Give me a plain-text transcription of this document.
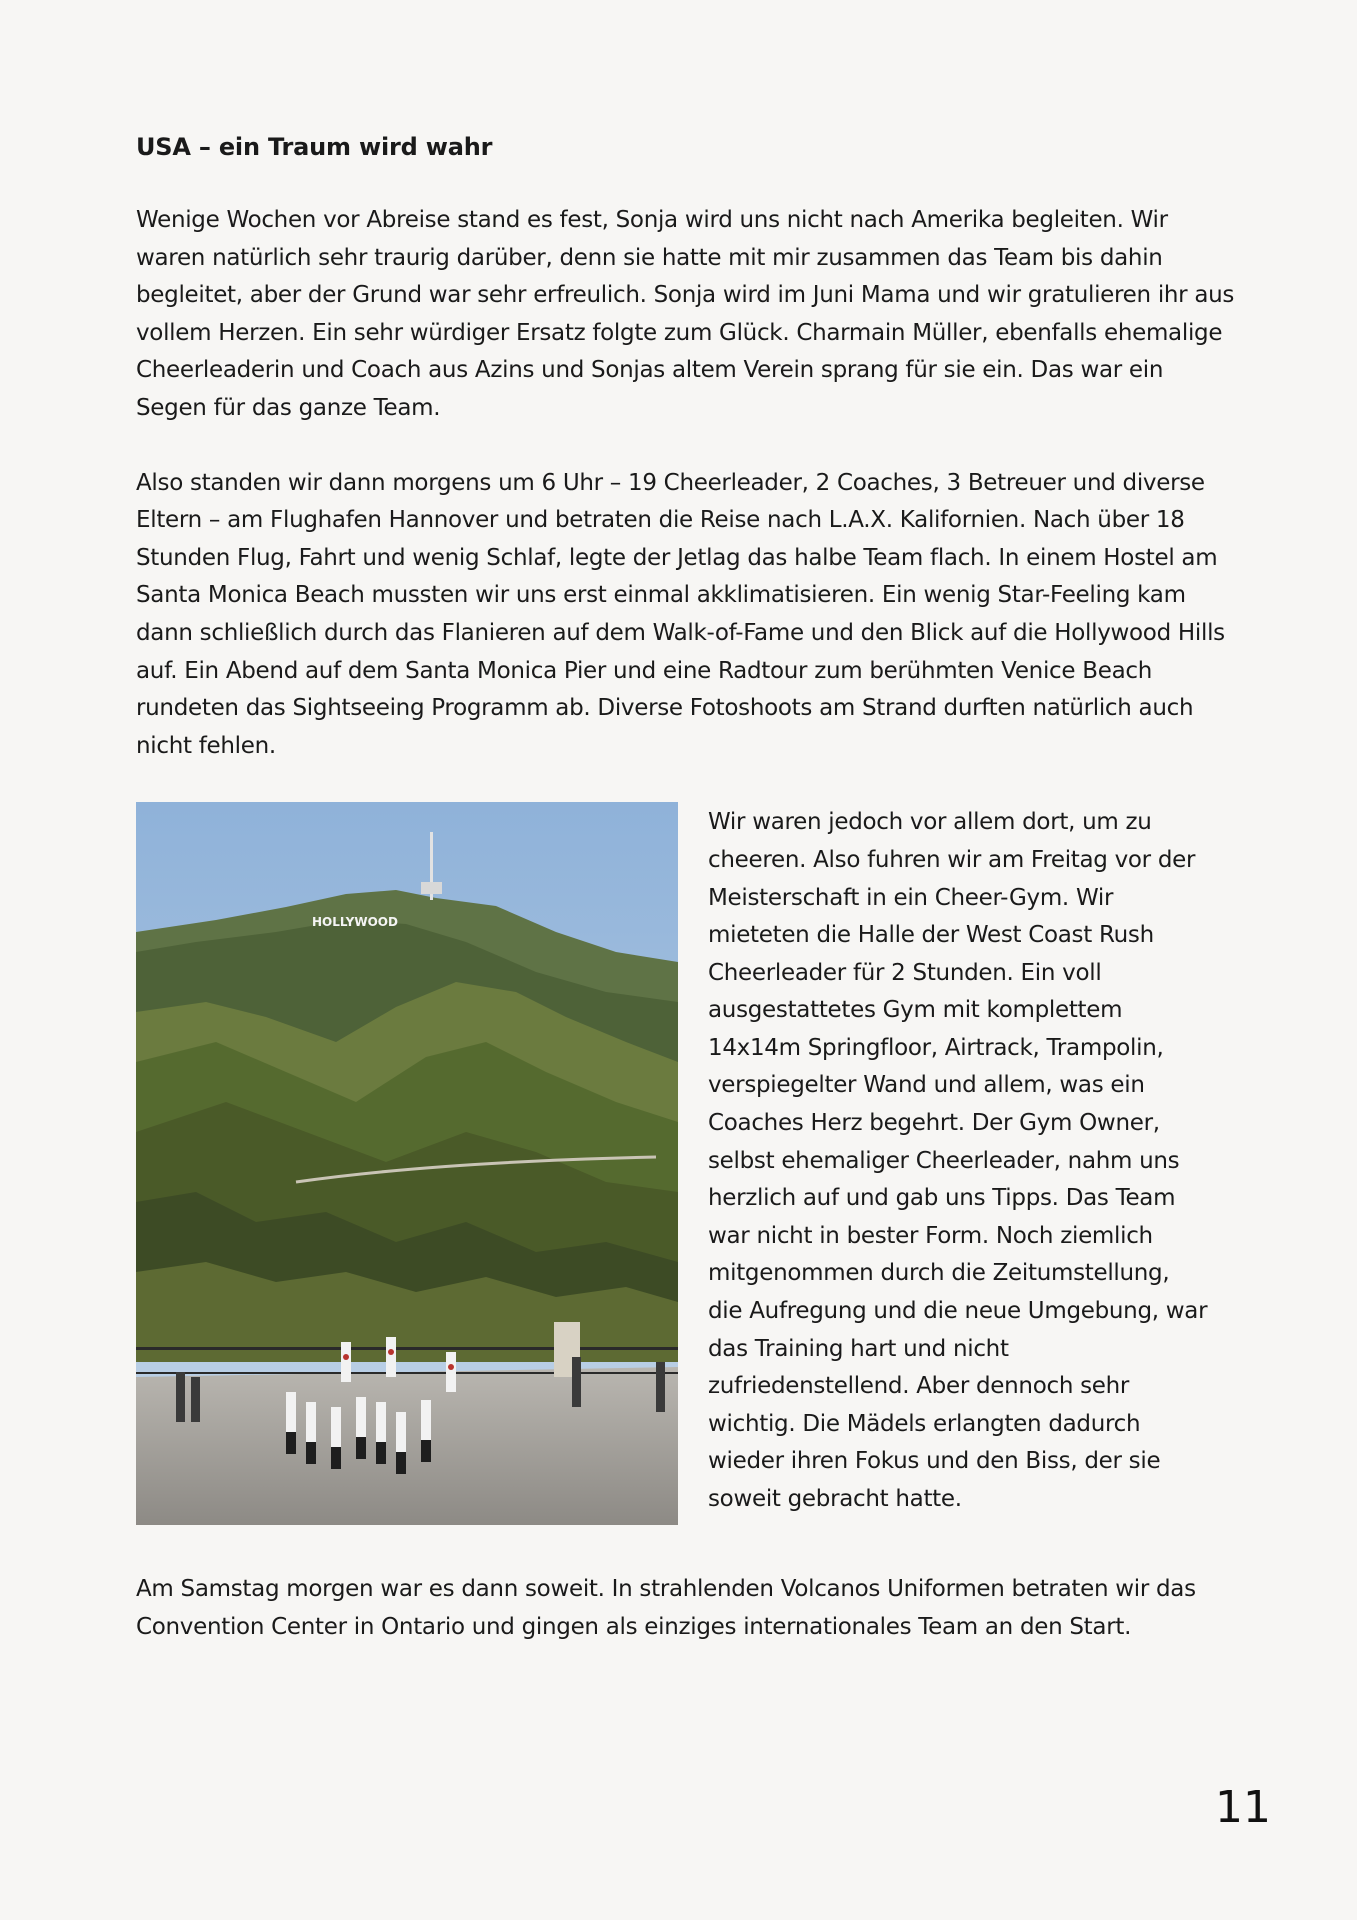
USA – ein Traum wird wahr

Wenige Wochen vor Abreise stand es fest, Sonja wird uns nicht nach Amerika begleiten. Wir waren natürlich sehr traurig darüber, denn sie hatte mit mir zusammen das Team bis dahin begleitet, aber der Grund war sehr erfreulich. Sonja wird im Juni Mama und wir gratulieren ihr aus vollem Herzen. Ein sehr würdiger Ersatz folgte zum Glück. Charmain Müller, ebenfalls ehemalige Cheerleaderin und Coach aus Azins und Sonjas altem Verein sprang für sie ein. Das war ein Segen für das ganze Team.

Also standen wir dann morgens um 6 Uhr – 19 Cheerleader, 2 Coaches, 3 Betreuer und diverse Eltern – am Flughafen Hannover und betraten die Reise nach L.A.X. Kalifornien. Nach über 18 Stunden Flug, Fahrt und wenig Schlaf, legte der Jetlag das halbe Team flach. In einem Hostel am Santa Monica Beach mussten wir uns erst einmal akklimatisieren. Ein wenig Star-Feeling kam dann schließlich durch das Flanieren auf dem Walk-of-Fame und den Blick auf die Hollywood Hills auf. Ein Abend auf dem Santa Monica Pier und eine Radtour zum berühmten Venice Beach rundeten das Sightseeing Programm ab. Diverse Fotoshoots am Strand durften natürlich auch nicht fehlen.

HOLLYWOOD

Wir waren jedoch vor allem dort, um zu cheeren. Also fuhren wir am Freitag vor der Meisterschaft in ein Cheer-Gym. Wir mieteten die Halle der West Coast Rush Cheerleader für 2 Stunden. Ein voll ausgestattetes Gym mit komplettem 14x14m Springfloor, Airtrack, Trampolin, verspiegelter Wand und allem, was ein Coaches Herz begehrt. Der Gym Owner, selbst ehemaliger Cheerleader, nahm uns herzlich auf und gab uns Tipps. Das Team war nicht in bester Form. Noch ziemlich mitgenommen durch die Zeitumstellung, die Aufregung und die neue Umgebung, war das Training hart und nicht zufriedenstellend. Aber dennoch sehr wichtig. Die Mädels erlangten dadurch wieder ihren Fokus und den Biss, der sie soweit gebracht hatte.

Am Samstag morgen war es dann soweit. In strahlenden Volcanos Uniformen betraten wir das Convention Center in Ontario und gingen als einziges internationales Team an den Start.

11
